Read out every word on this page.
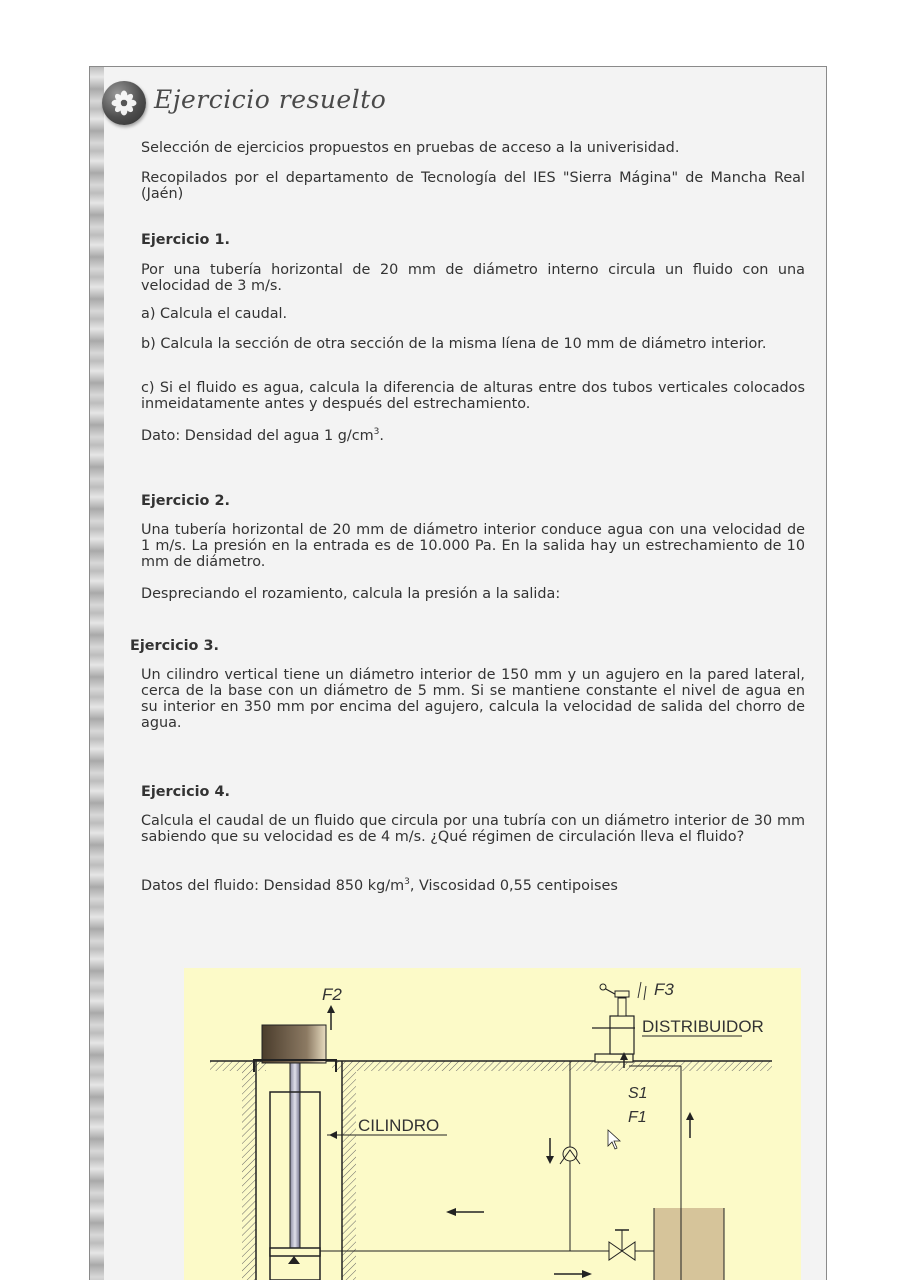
Ejercicio resuelto

Selección de ejercicios propuestos en pruebas de acceso a la univerisidad.

Recopilados por el departamento de Tecnología del IES "Sierra Mágina" de Mancha Real (Jaén)

Ejercicio 1.

Por una tubería horizontal de 20 mm de diámetro interno circula un fluido con una velocidad de 3 m/s.

a) Calcula el caudal.

b) Calcula la sección de otra sección de la misma líena de 10 mm de diámetro interior.

c) Si el fluido es agua, calcula la diferencia de alturas entre dos tubos verticales colocados inmeidatamente antes y después del estrechamiento.

Dato: Densidad del agua 1 $g/cm^3$.

Ejercicio 2.

Una tubería horizontal de 20 mm de diámetro interior conduce agua con una velocidad de 1 m/s. La presión en la entrada es de 10.000 Pa. En la salida hay un estrechamiento de 10 mm de diámetro.

Despreciando el rozamiento, calcula la presión a la salida:

Ejercicio 3.

Un cilindro vertical tiene un diámetro interior de 150 mm y un agujero en la pared lateral, cerca de la base con un diámetro de 5 mm. Si se mantiene constante el nivel de agua en su interior en 350 mm por encima del agujero, calcula la velocidad de salida del chorro de agua.

Ejercicio 4.

Calcula el caudal de un fluido que circula por una tubría con un diámetro interior de 30 mm sabiendo que su velocidad es de 4 m/s. ¿Qué régimen de circulación lleva el fluido?

Datos del fluido: Densidad 850 $kg/m^3$, Viscosidad 0,55 centipoises

F2
CILINDRO
F3
DISTRIBUIDOR
S1
F1
